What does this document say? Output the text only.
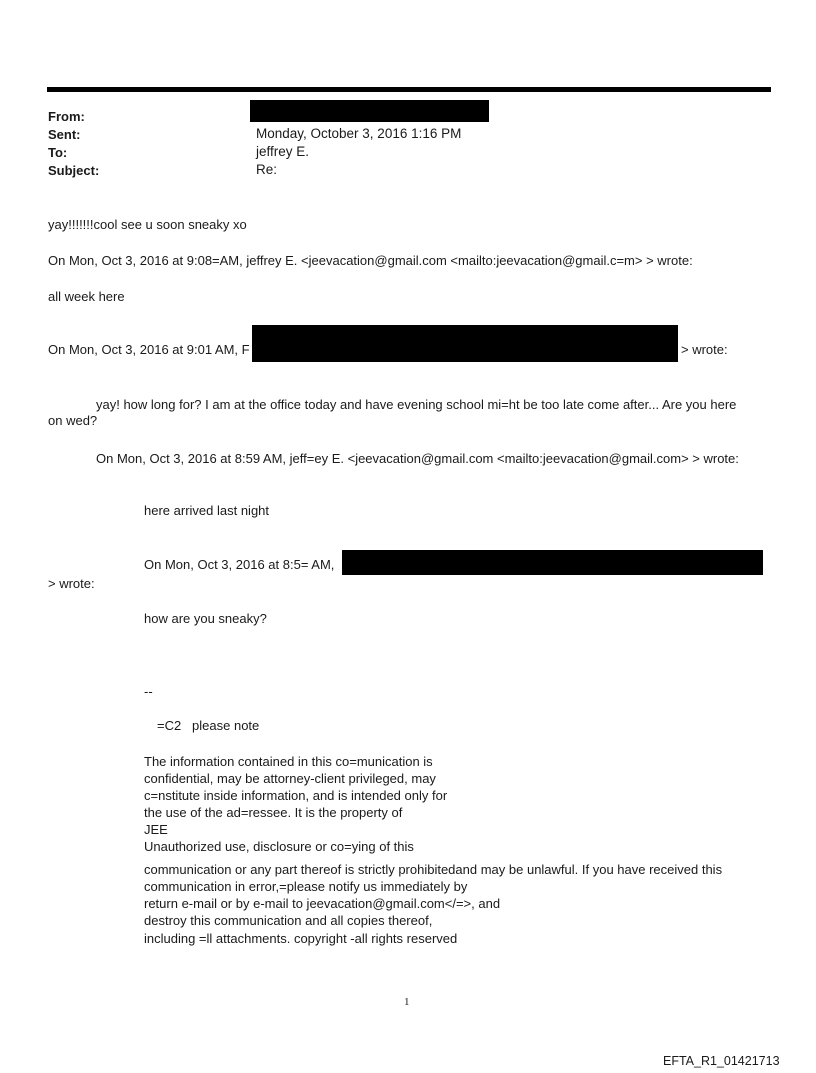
From:
Sent:
To:
Subject:
Monday, October 3, 2016 1:16 PM
jeffrey E.
Re:
yay!!!!!!!cool see u soon sneaky xo
On Mon, Oct 3, 2016 at 9:08=AM, jeffrey E. <jeevacation@gmail.com <mailto:jeevacation@gmail.c=m> > wrote:
all week here
On Mon, Oct 3, 2016 at 9:01 AM, F	> wrote:
yay! how long for? I am at the office today and have evening school mi=ht be too late come after... Are you here
on wed?
On Mon, Oct 3, 2016 at 8:59 AM, jeff=ey E. <jeevacation@gmail.com <mailto:jeevacation@gmail.com> > wrote:
here arrived last night
On Mon, Oct 3, 2016 at 8:5= AM,
> wrote:
how are you sneaky?
--
=C2   please note
The information contained in this co=munication is
confidential, may be attorney-client privileged, may
c=nstitute inside information, and is intended only for
the use of the ad=ressee. It is the property of
JEE
Unauthorized use, disclosure or co=ying of this
communication or any part thereof is strictly prohibitedand may be unlawful. If you have received this
communication in error,=please notify us immediately by
return e-mail or by e-mail to jeevacation@gmail.com</=>, and
destroy this communication and all copies thereof,
including =ll attachments. copyright -all rights reserved
1
EFTA_R1_01421713
